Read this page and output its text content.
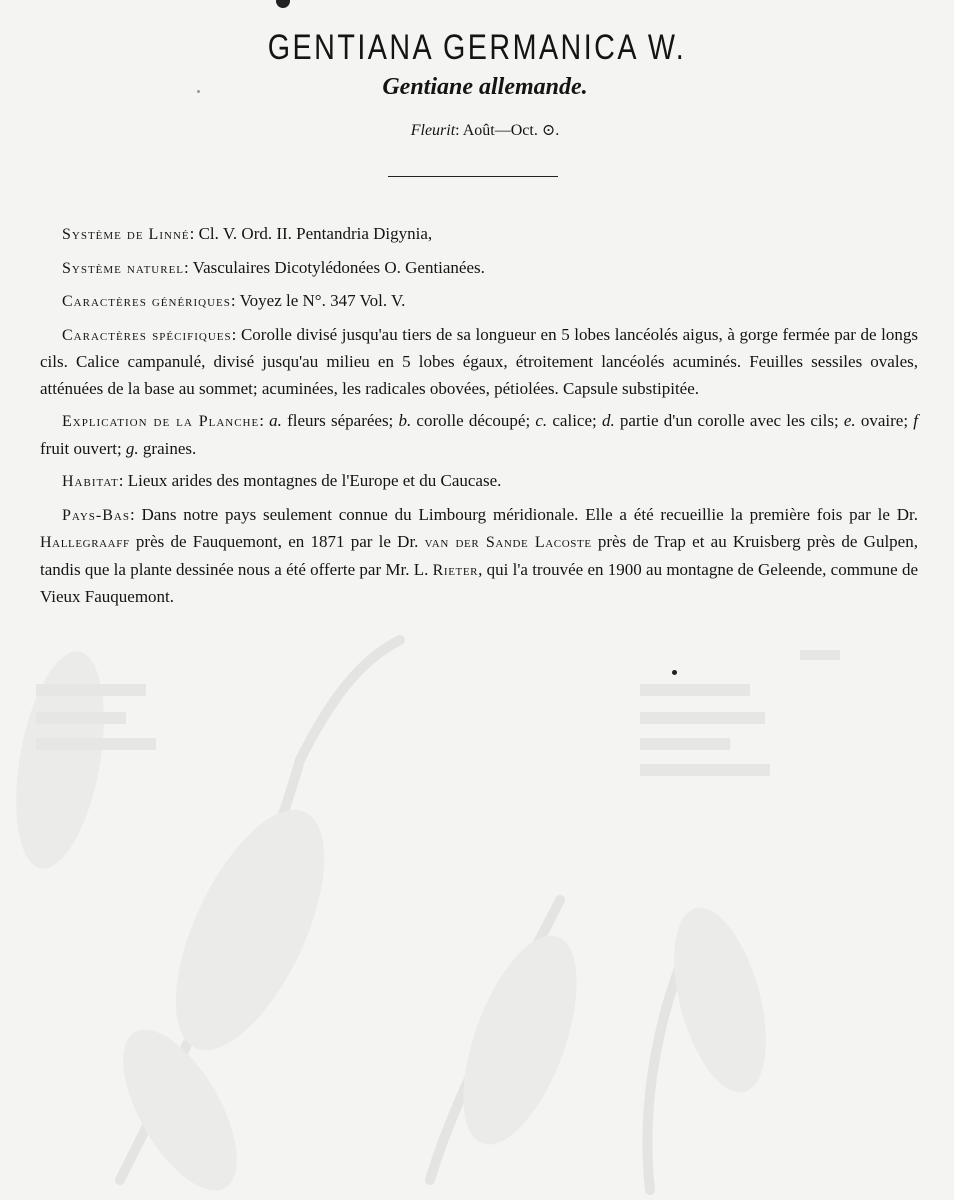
GENTIANA GERMANICA W.
Gentiane allemande.
Fleurit: Août—Oct. ⊙.

Système de Linné: Cl. V. Ord. II. Pentandria Digynia,

Système naturel: Vasculaires Dicotylédonées O. Gentianées.

Caractères génériques: Voyez le N°. 347 Vol. V.

Caractères spécifiques: Corolle divisé jusqu'au tiers de sa longueur en 5 lobes lancéolés aigus, à gorge fermée par de longs cils. Calice campanulé, divisé jusqu'au milieu en 5 lobes égaux, étroitement lancéolés acuminés. Feuilles sessiles ovales, atténuées de la base au sommet; acuminées, les radicales obovées, pétiolées. Capsule substipitée.

Explication de la Planche: a. fleurs séparées; b. corolle découpé; c. calice; d. partie d'un corolle avec les cils; e. ovaire; f fruit ouvert; g. graines.

Habitat: Lieux arides des montagnes de l'Europe et du Caucase.

Pays-Bas: Dans notre pays seulement connue du Limbourg méridionale. Elle a été recueillie la première fois par le Dr. Hallegraaff près de Fauquemont, en 1871 par le Dr. van der Sande Lacoste près de Trap et au Kruisberg près de Gulpen, tandis que la plante dessinée nous a été offerte par Mr. L. Rieter, qui l'a trouvée en 1900 au montagne de Geleende, commune de Vieux Fauquemont.
